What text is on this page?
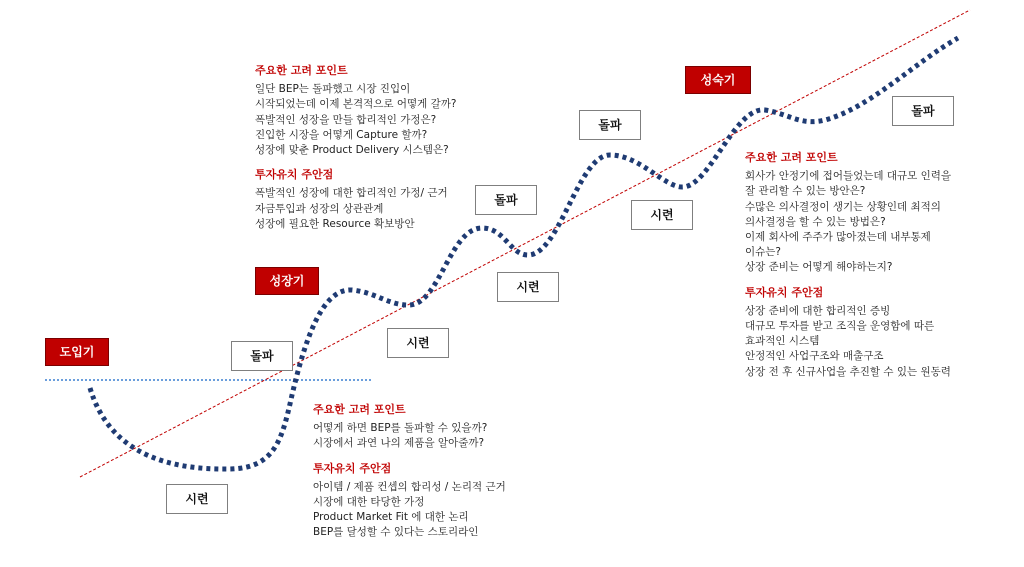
도입기
성장기
성숙기
시련
돌파
시련
돌파
시련
돌파
시련
돌파
주요한 고려 포인트
어떻게 하면 BEP를 돌파할 수 있을까?
시장에서 과연 나의 제품을 알아줄까?
투자유치 주안점
아이템 / 제품 컨셉의 합리성 / 논리적 근거
시장에 대한 타당한 가정
Product Market Fit 에 대한 논리
BEP를 달성할 수 있다는 스토리라인
주요한 고려 포인트
일단 BEP는 돌파했고 시장 진입이
시작되었는데 이제 본격적으로 어떻게 갈까?
폭발적인 성장을 만들 합리적인 가정은?
진입한 시장을 어떻게 Capture 할까?
성장에 맞춘 Product Delivery 시스템은?
투자유치 주안점
폭발적인 성장에 대한 합리적인 가정/ 근거
자금투입과 성장의 상관관계
성장에 필요한 Resource 확보방안
주요한 고려 포인트
회사가 안정기에 접어들었는데 대규모 인력을
잘 관리할 수 있는 방안은?
수많은 의사결정이 생기는 상황인데 최적의
의사결정을 할 수 있는 방법은?
이제 회사에 주주가 많아졌는데 내부통제
이슈는?
상장 준비는 어떻게 해야하는지?
투자유치 주안점
상장 준비에 대한 합리적인 증빙
대규모 투자를 받고 조직을 운영함에 따른
효과적인 시스템
안정적인 사업구조와 매출구조
상장 전 후 신규사업을 추진할 수 있는 원동력
